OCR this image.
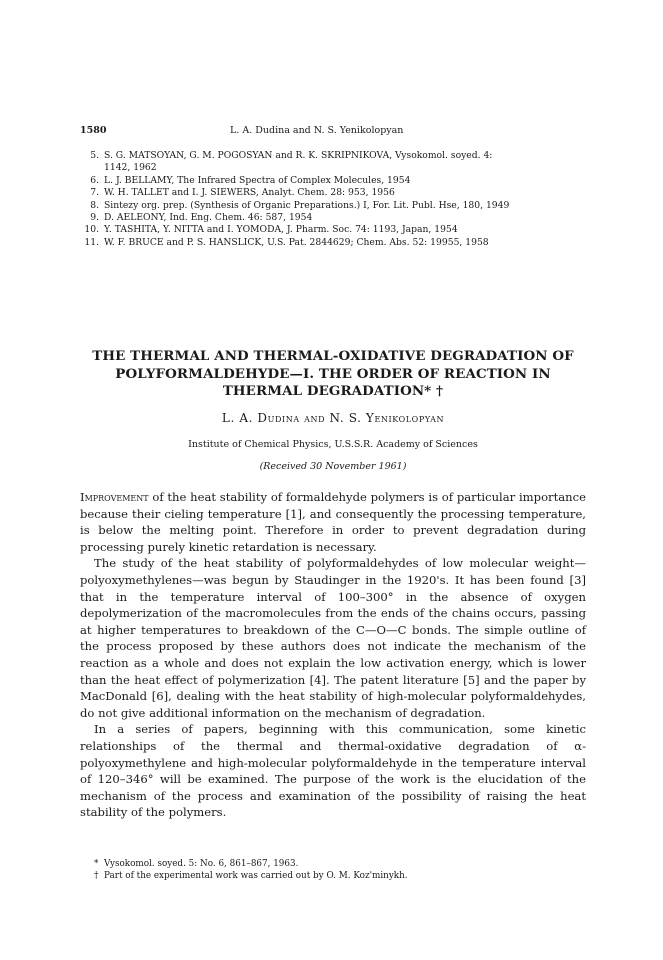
1580	L. A. Dudina and N. S. Yenikolopyan
5. S. G. MATSOYAN, G. M. POGOSYAN and R. K. SKRIPNIKOVA, Vysokomol. soyed. 4:
1142, 1962
6. L. J. BELLAMY, The Infrared Spectra of Complex Molecules, 1954
7. W. H. TALLET and I. J. SIEWERS, Analyt. Chem. 28: 953, 1956
8. Sintezy org. prep. (Synthesis of Organic Preparations.) I, For. Lit. Publ. Hse, 180, 1949
9. D. AELEONY, Ind. Eng. Chem. 46: 587, 1954
10. Y. TASHITA, Y. NITTA and I. YOMODA, J. Pharm. Soc. 74: 1193, Japan, 1954
11. W. F. BRUCE and P. S. HANSLICK, U.S. Pat. 2844629; Chem. Abs. 52: 19955, 1958
THE THERMAL AND THERMAL-OXIDATIVE DEGRADATION OF
POLYFORMALDEHYDE—I. THE ORDER OF REACTION IN
THERMAL DEGRADATION* †
L. A. Dudina and N. S. Yenikolopyan
Institute of Chemical Physics, U.S.S.R. Academy of Sciences
(Received 30 November 1961)

Improvement of the heat stability of formaldehyde polymers is of particular importance because their cieling temperature [1], and consequently the processing temperature, is below the melting point. Therefore in order to prevent degradation during processing purely kinetic retardation is necessary.

The study of the heat stability of polyformaldehydes of low molecular weight—polyoxymethylenes—was begun by Staudinger in the 1920's. It has been found [3] that in the temperature interval of 100–300° in the absence of oxygen depolymerization of the macromolecules from the ends of the chains occurs, passing at higher temperatures to breakdown of the C—O—C bonds. The simple outline of the process proposed by these authors does not indicate the mechanism of the reaction as a whole and does not explain the low activation energy, which is lower than the heat effect of polymerization [4]. The patent literature [5] and the paper by MacDonald [6], dealing with the heat stability of high-molecular polyformaldehydes, do not give additional information on the mechanism of degradation.

In a series of papers, beginning with this communication, some kinetic relationships of the thermal and thermal-oxidative degradation of α-polyoxymethylene and high-molecular polyformaldehyde in the temperature interval of 120–346° will be examined. The purpose of the work is the elucidation of the mechanism of the process and examination of the possibility of raising the heat stability of the polymers.

* Vysokomol. soyed. 5: No. 6, 861–867, 1963.
† Part of the experimental work was carried out by O. M. Koz'minykh.
